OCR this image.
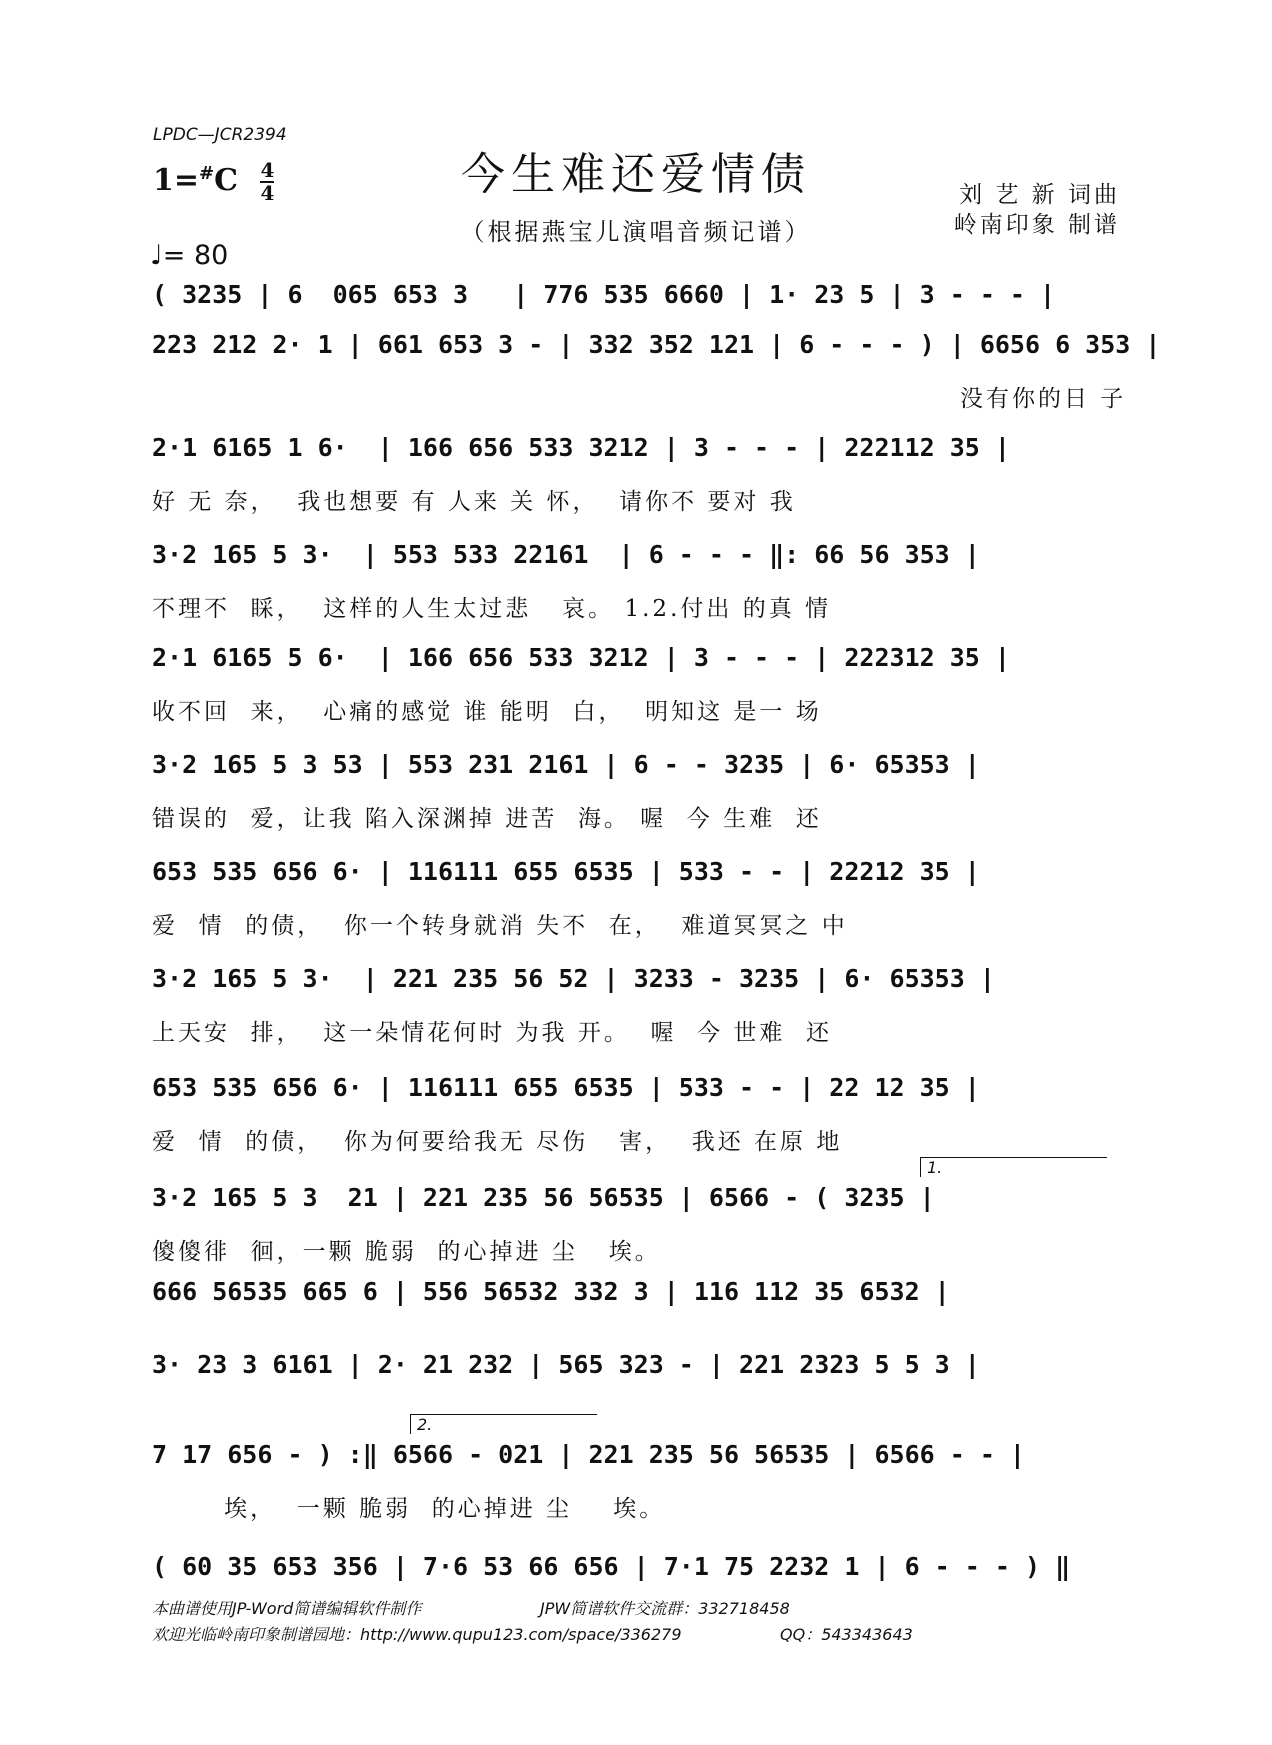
LPDC—JCR2394
今生难还爱情债
（根据燕宝儿演唱音频记谱）
刘 艺 新 词曲
岭南印象 制谱
$1=^{\#}C \frac{4}{4}$
♩= 80
( 3235 | 6  065 653 3   | 776 535 6660 | 1· 23 5 | 3 - - - |
223 212 2· 1 | 661 653 3 - | 332 352 121 | 6 - - - ) | 6656 6 353 |
没有你的日 子
2·1 6165 1 6·  | 166 656 533 3212 | 3 - - - | 222112 35 |
好 无 奈，  我也想要 有 人来 关 怀，  请你不 要对 我
3·2 165 5 3·  | 553 533 22161  | 6 - - - ‖: 66 56 353 |
不理不  睬，  这样的人生太过悲   哀。 1.2.付出 的真 情
2·1 6165 5 6·  | 166 656 533 3212 | 3 - - - | 222312 35 |
收不回  来，  心痛的感觉 谁 能明  白，  明知这 是一 场
3·2 165 5 3 53 | 553 231 2161 | 6 - - 3235 | 6· 65353 |
错误的  爱，让我 陷入深渊掉 进苦  海。 喔  今 生难  还
653 535 656 6· | 116111 655 6535 | 533 - - | 22212 35 |
爱  情  的债，  你一个转身就消 失不  在，  难道冥冥之 中
3·2 165 5 3·  | 221 235 56 52 | 3233 - 3235 | 6· 65353 |
上天安  排，  这一朵情花何时 为我 开。  喔  今 世难  还
653 535 656 6· | 116111 655 6535 | 533 - - | 22 12 35 |
爱  情  的债，  你为何要给我无 尽伤   害，  我还 在原 地
3·2 165 5 3  21 | 221 235 56 56535 | 6566 - ( 3235 |
1.
傻傻徘  徊，一颗 脆弱  的心掉进 尘   埃。
666 56535 665 6 | 556 56532 332 3 | 116 112 35 6532 |
3· 23 3 6161 | 2· 21 232 | 565 323 - | 221 2323 5 5 3 |
7 17 656 - ) :‖ 6566 - 021 | 221 235 56 56535 | 6566 - - |
2.
埃，  一颗 脆弱  的心掉进 尘    埃。
( 60 35 653 356 | 7·6 53 66 656 | 7·1 75 2232 1 | 6 - - - ) ‖
本曲谱使用JP-Word简谱编辑软件制作	JPW简谱软件交流群：332718458
欢迎光临岭南印象制谱园地：http://www.qupu123.com/space/336279	QQ：543343643
